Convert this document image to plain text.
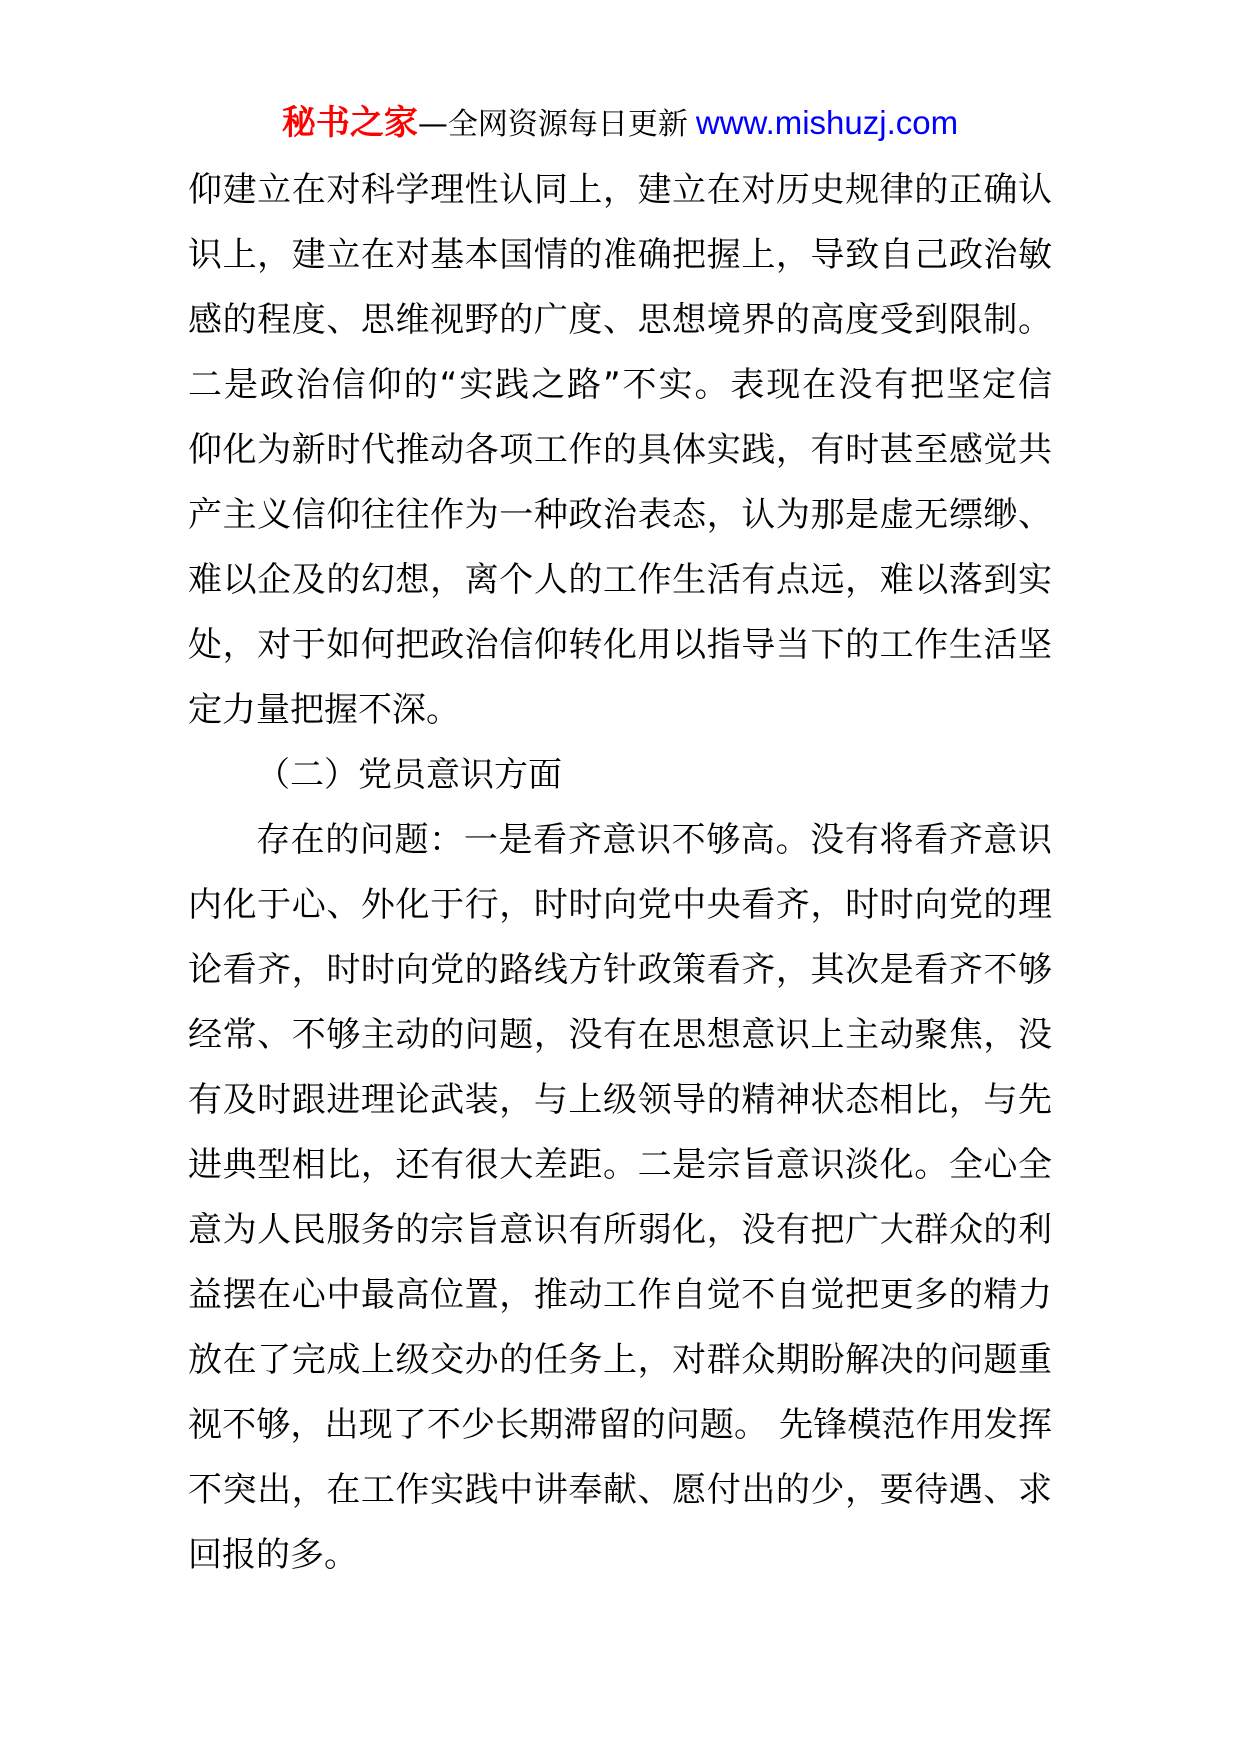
秘书之家—全网资源每日更新 www.mishuzj.com
仰建立在对科学理性认同上，建立在对历史规律的正确认
识上，建立在对基本国情的准确把握上，导致自己政治敏
感的程度、思维视野的广度、思想境界的高度受到限制。
二是政治信仰的“实践之路”不实。表现在没有把坚定信
仰化为新时代推动各项工作的具体实践，有时甚至感觉共
产主义信仰往往作为一种政治表态，认为那是虚无缥缈、
难以企及的幻想，离个人的工作生活有点远，难以落到实
处，对于如何把政治信仰转化用以指导当下的工作生活坚
定力量把握不深。
（二）党员意识方面
存在的问题：一是看齐意识不够高。没有将看齐意识
内化于心、外化于行，时时向党中央看齐，时时向党的理
论看齐，时时向党的路线方针政策看齐，其次是看齐不够
经常、不够主动的问题，没有在思想意识上主动聚焦，没
有及时跟进理论武装，与上级领导的精神状态相比，与先
进典型相比，还有很大差距。二是宗旨意识淡化。全心全
意为人民服务的宗旨意识有所弱化，没有把广大群众的利
益摆在心中最高位置，推动工作自觉不自觉把更多的精力
放在了完成上级交办的任务上，对群众期盼解决的问题重
视不够，出现了不少长期滞留的问题。 先锋模范作用发挥
不突出，在工作实践中讲奉献、愿付出的少，要待遇、求
回报的多。
